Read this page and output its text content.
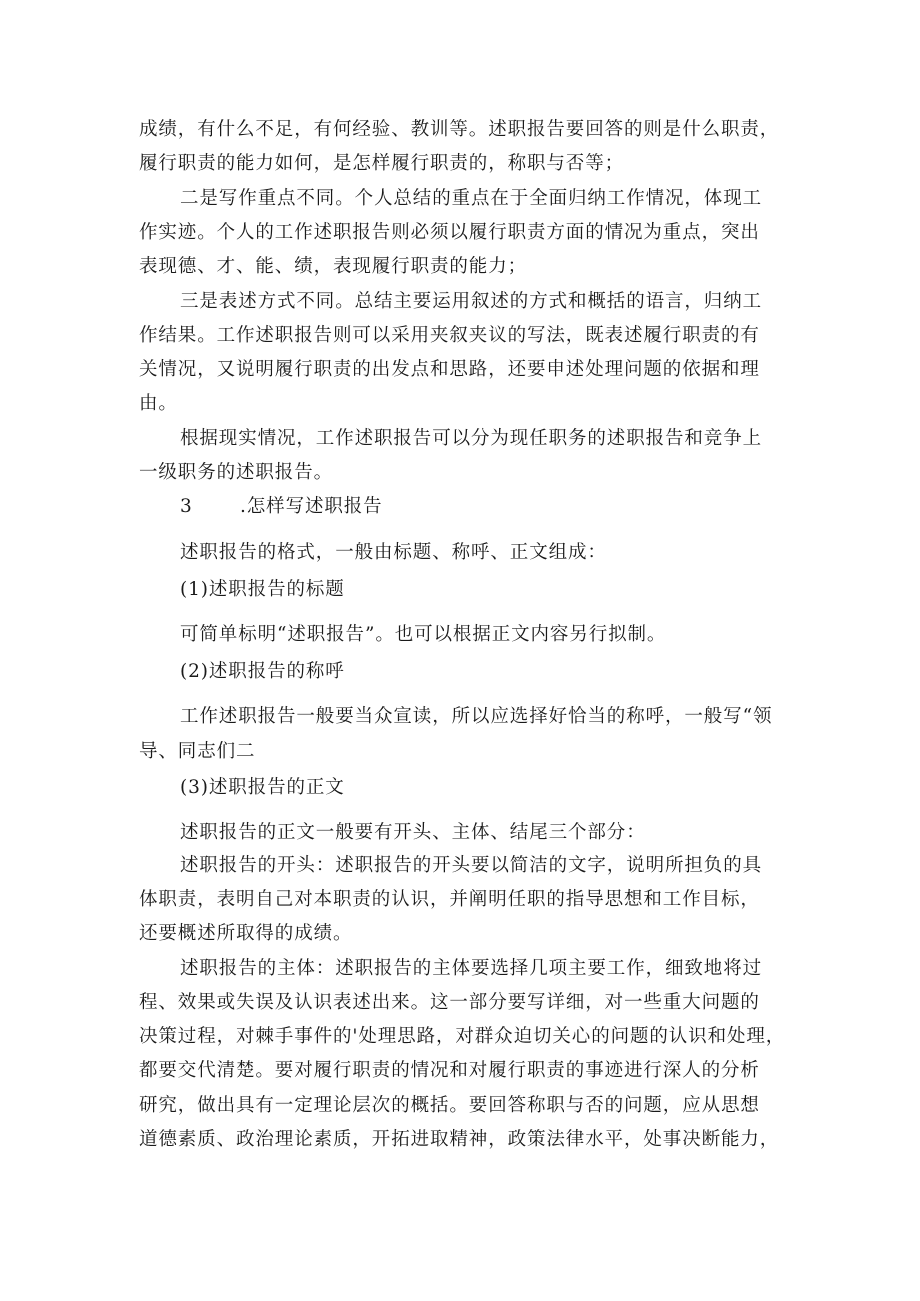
成绩，有什么不足，有何经验、教训等。述职报告要回答的则是什么职责，
履行职责的能力如何，是怎样履行职责的，称职与否等；
二是写作重点不同。个人总结的重点在于全面归纳工作情况，体现工
作实迹。个人的工作述职报告则必须以履行职责方面的情况为重点，突出
表现德、才、能、绩，表现履行职责的能力；
三是表述方式不同。总结主要运用叙述的方式和概括的语言，归纳工
作结果。工作述职报告则可以采用夹叙夹议的写法，既表述履行职责的有
关情况，又说明履行职责的出发点和思路，还要申述处理问题的依据和理
由。
根据现实情况，工作述职报告可以分为现任职务的述职报告和竞争上
一级职务的述职报告。
3	.怎样写述职报告
述职报告的格式，一般由标题、称呼、正文组成：
(1)述职报告的标题
可简单标明“述职报告”。也可以根据正文内容另行拟制。
(2)述职报告的称呼
工作述职报告一般要当众宣读，所以应选择好恰当的称呼，一般写“领
导、同志们二
(3)述职报告的正文
述职报告的正文一般要有开头、主体、结尾三个部分：
述职报告的开头：述职报告的开头要以简洁的文字，说明所担负的具
体职责，表明自己对本职责的认识，并阐明任职的指导思想和工作目标，
还要概述所取得的成绩。
述职报告的主体：述职报告的主体要选择几项主要工作，细致地将过
程、效果或失误及认识表述出来。这一部分要写详细，对一些重大问题的
决策过程，对棘手事件的'处理思路，对群众迫切关心的问题的认识和处理，
都要交代清楚。要对履行职责的情况和对履行职责的事迹进行深人的分析
研究，做出具有一定理论层次的概括。要回答称职与否的问题，应从思想
道德素质、政治理论素质，开拓进取精神，政策法律水平，处事决断能力，
